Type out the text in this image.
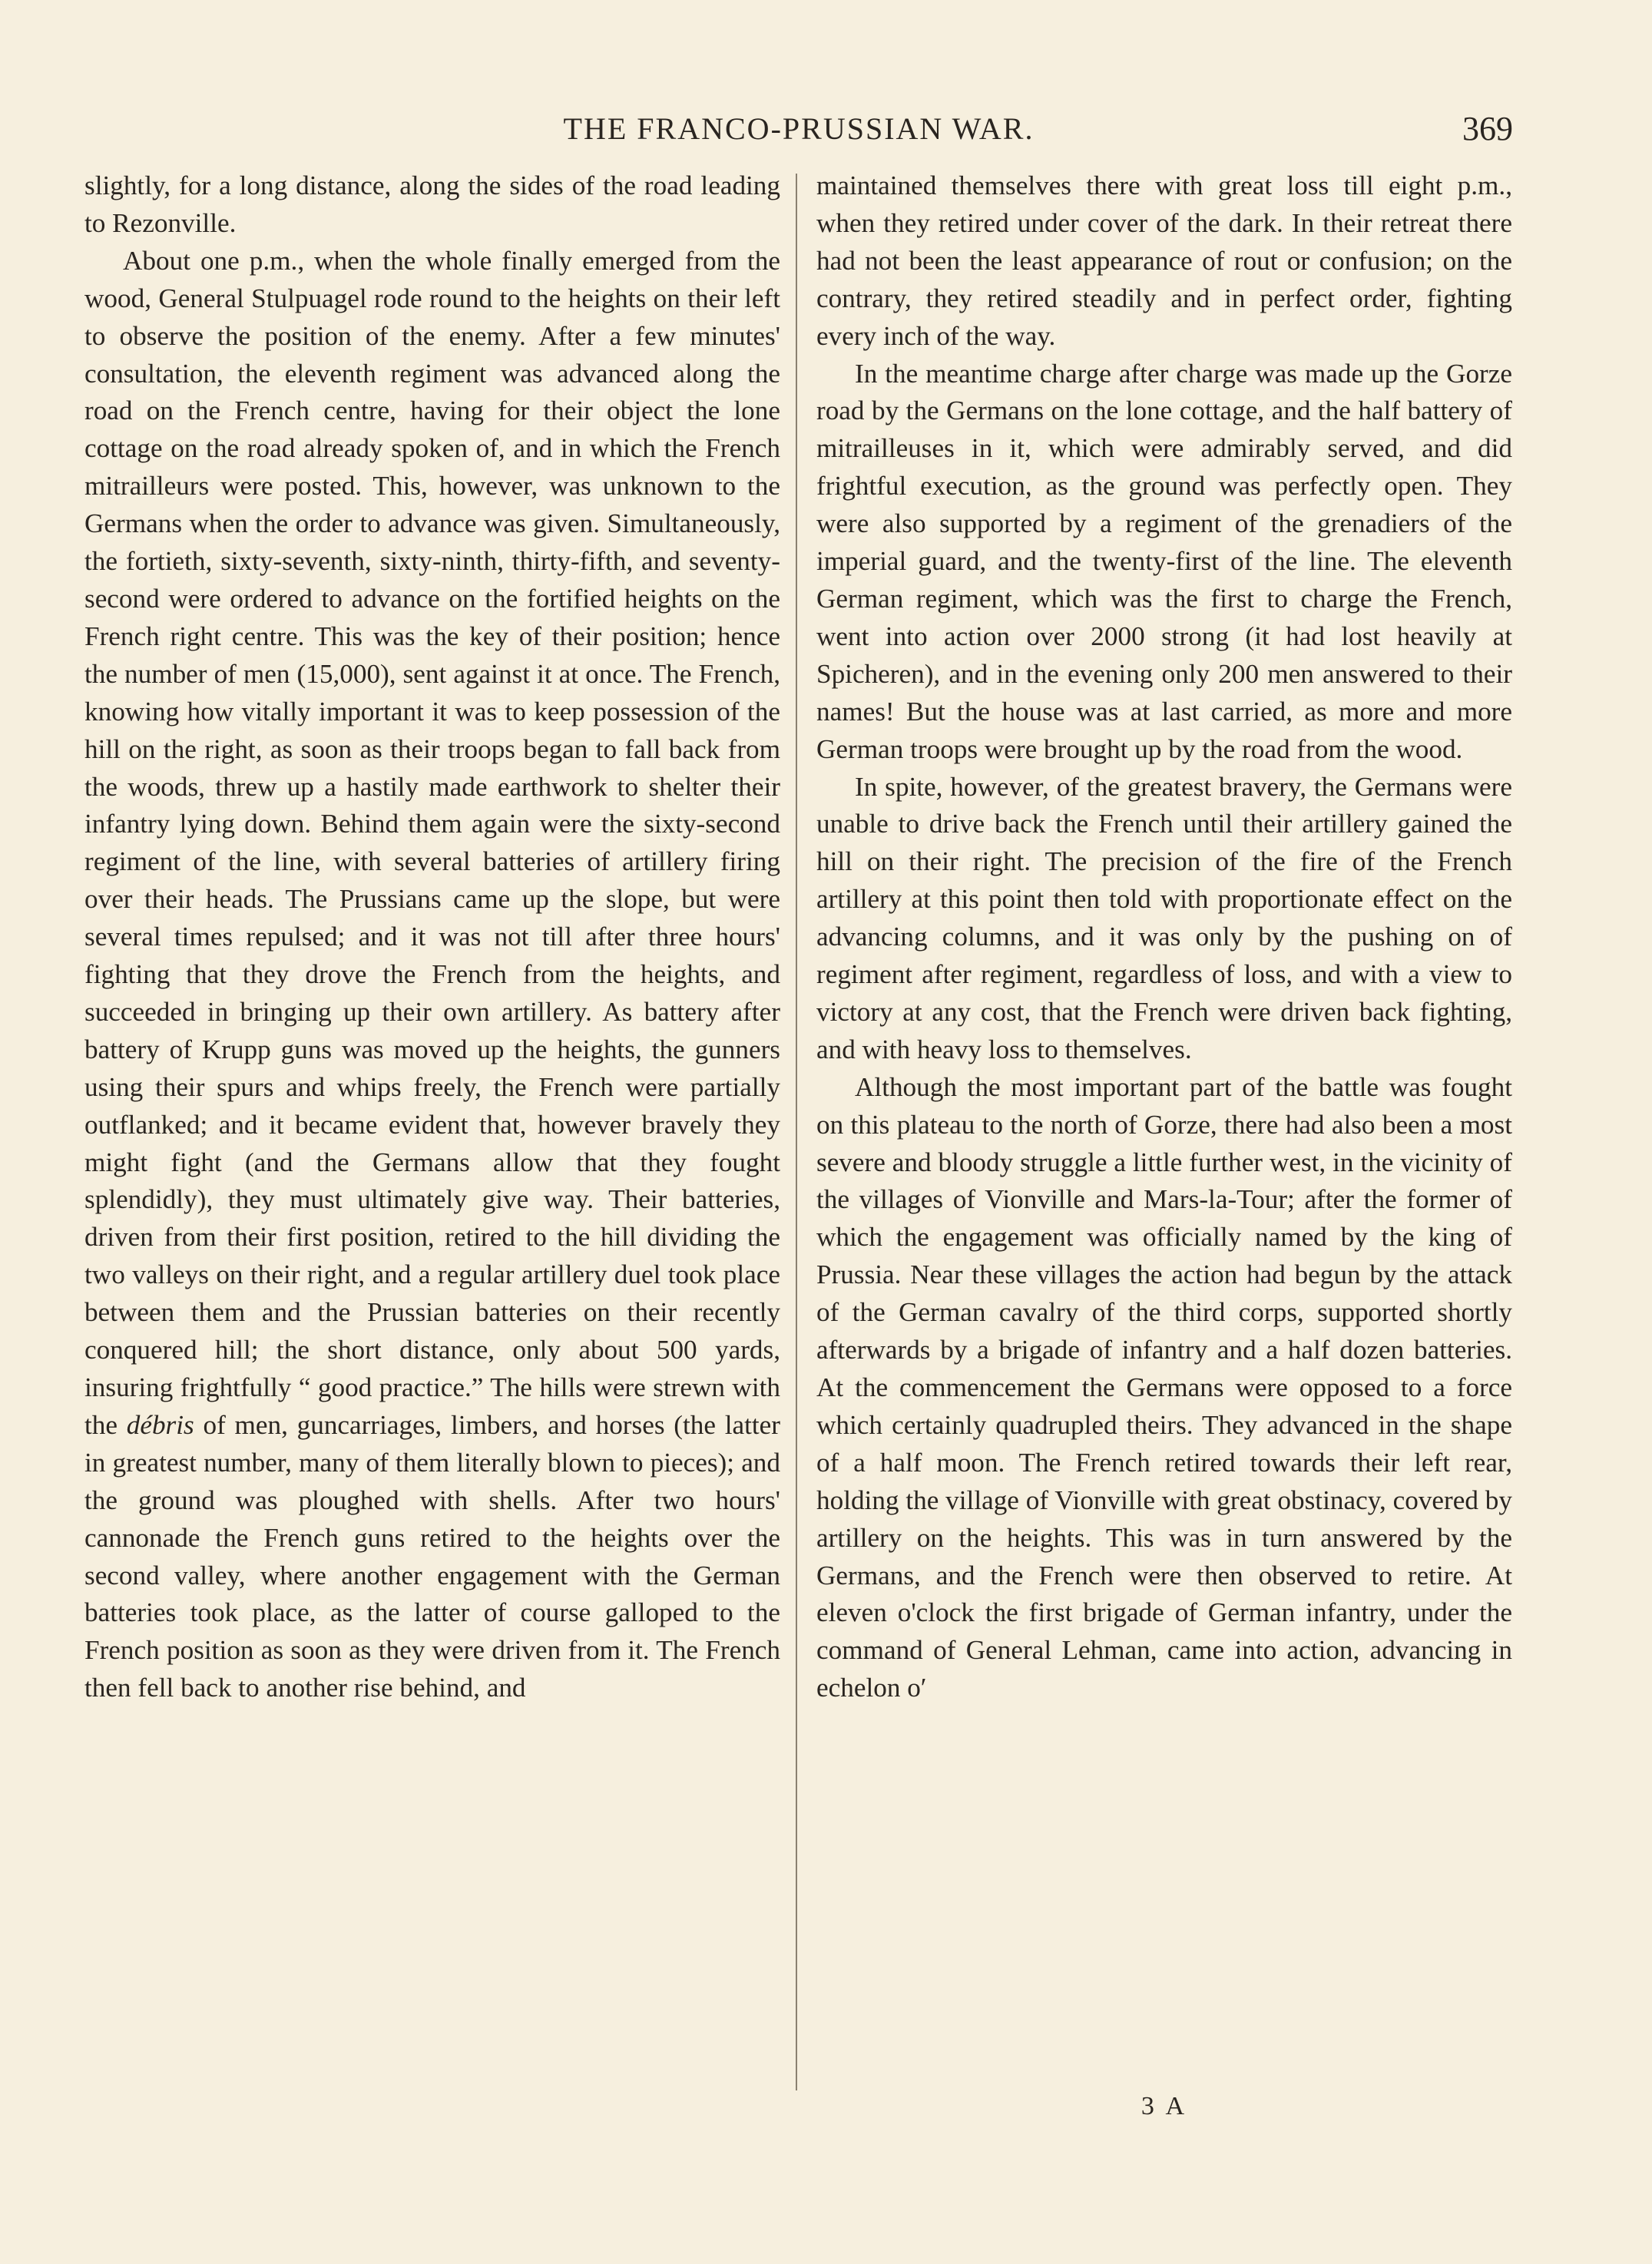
THE FRANCO-PRUSSIAN WAR.	369

slightly, for a long distance, along the sides of the road leading to Rezonville.

About one p.m., when the whole finally emerged from the wood, General Stulpuagel rode round to the heights on their left to observe the position of the enemy. After a few minutes' consultation, the eleventh regiment was advanced along the road on the French centre, having for their object the lone cottage on the road already spoken of, and in which the French mitrailleurs were posted. This, however, was unknown to the Germans when the order to advance was given. Simultaneously, the fortieth, sixty-seventh, sixty-ninth, thirty-fifth, and seventy-second were ordered to advance on the fortified heights on the French right centre. This was the key of their position; hence the number of men (15,000), sent against it at once. The French, knowing how vitally important it was to keep possession of the hill on the right, as soon as their troops began to fall back from the woods, threw up a hastily made earthwork to shelter their infantry lying down. Behind them again were the sixty-second regiment of the line, with several batteries of artillery firing over their heads. The Prussians came up the slope, but were several times repulsed; and it was not till after three hours' fighting that they drove the French from the heights, and succeeded in bringing up their own artillery. As battery after battery of Krupp guns was moved up the heights, the gunners using their spurs and whips freely, the French were partially outflanked; and it became evident that, however bravely they might fight (and the Germans allow that they fought splendidly), they must ultimately give way. Their batteries, driven from their first position, retired to the hill dividing the two valleys on their right, and a regular artillery duel took place between them and the Prussian batteries on their recently conquered hill; the short distance, only about 500 yards, insuring frightfully “ good practice.” The hills were strewn with the débris of men, guncarriages, limbers, and horses (the latter in greatest number, many of them literally blown to pieces); and the ground was ploughed with shells. After two hours' cannonade the French guns retired to the heights over the second valley, where another engagement with the German batteries took place, as the latter of course galloped to the French position as soon as they were driven from it. The French then fell back to another rise behind, and

maintained themselves there with great loss till eight p.m., when they retired under cover of the dark. In their retreat there had not been the least appearance of rout or confusion; on the contrary, they retired steadily and in perfect order, fighting every inch of the way.

In the meantime charge after charge was made up the Gorze road by the Germans on the lone cottage, and the half battery of mitrailleuses in it, which were admirably served, and did frightful execution, as the ground was perfectly open. They were also supported by a regiment of the grenadiers of the imperial guard, and the twenty-first of the line. The eleventh German regiment, which was the first to charge the French, went into action over 2000 strong (it had lost heavily at Spicheren), and in the evening only 200 men answered to their names! But the house was at last carried, as more and more German troops were brought up by the road from the wood.

In spite, however, of the greatest bravery, the Germans were unable to drive back the French until their artillery gained the hill on their right. The precision of the fire of the French artillery at this point then told with proportionate effect on the advancing columns, and it was only by the pushing on of regiment after regiment, regardless of loss, and with a view to victory at any cost, that the French were driven back fighting, and with heavy loss to themselves.

Although the most important part of the battle was fought on this plateau to the north of Gorze, there had also been a most severe and bloody struggle a little further west, in the vicinity of the villages of Vionville and Mars-la-Tour; after the former of which the engagement was officially named by the king of Prussia. Near these villages the action had begun by the attack of the German cavalry of the third corps, supported shortly afterwards by a brigade of infantry and a half dozen batteries. At the commencement the Germans were opposed to a force which certainly quadrupled theirs. They advanced in the shape of a half moon. The French retired towards their left rear, holding the village of Vionville with great obstinacy, covered by artillery on the heights. This was in turn answered by the Germans, and the French were then observed to retire. At eleven o'clock the first brigade of German infantry, under the command of General Lehman, came into action, advancing in echelon o′

3 A
